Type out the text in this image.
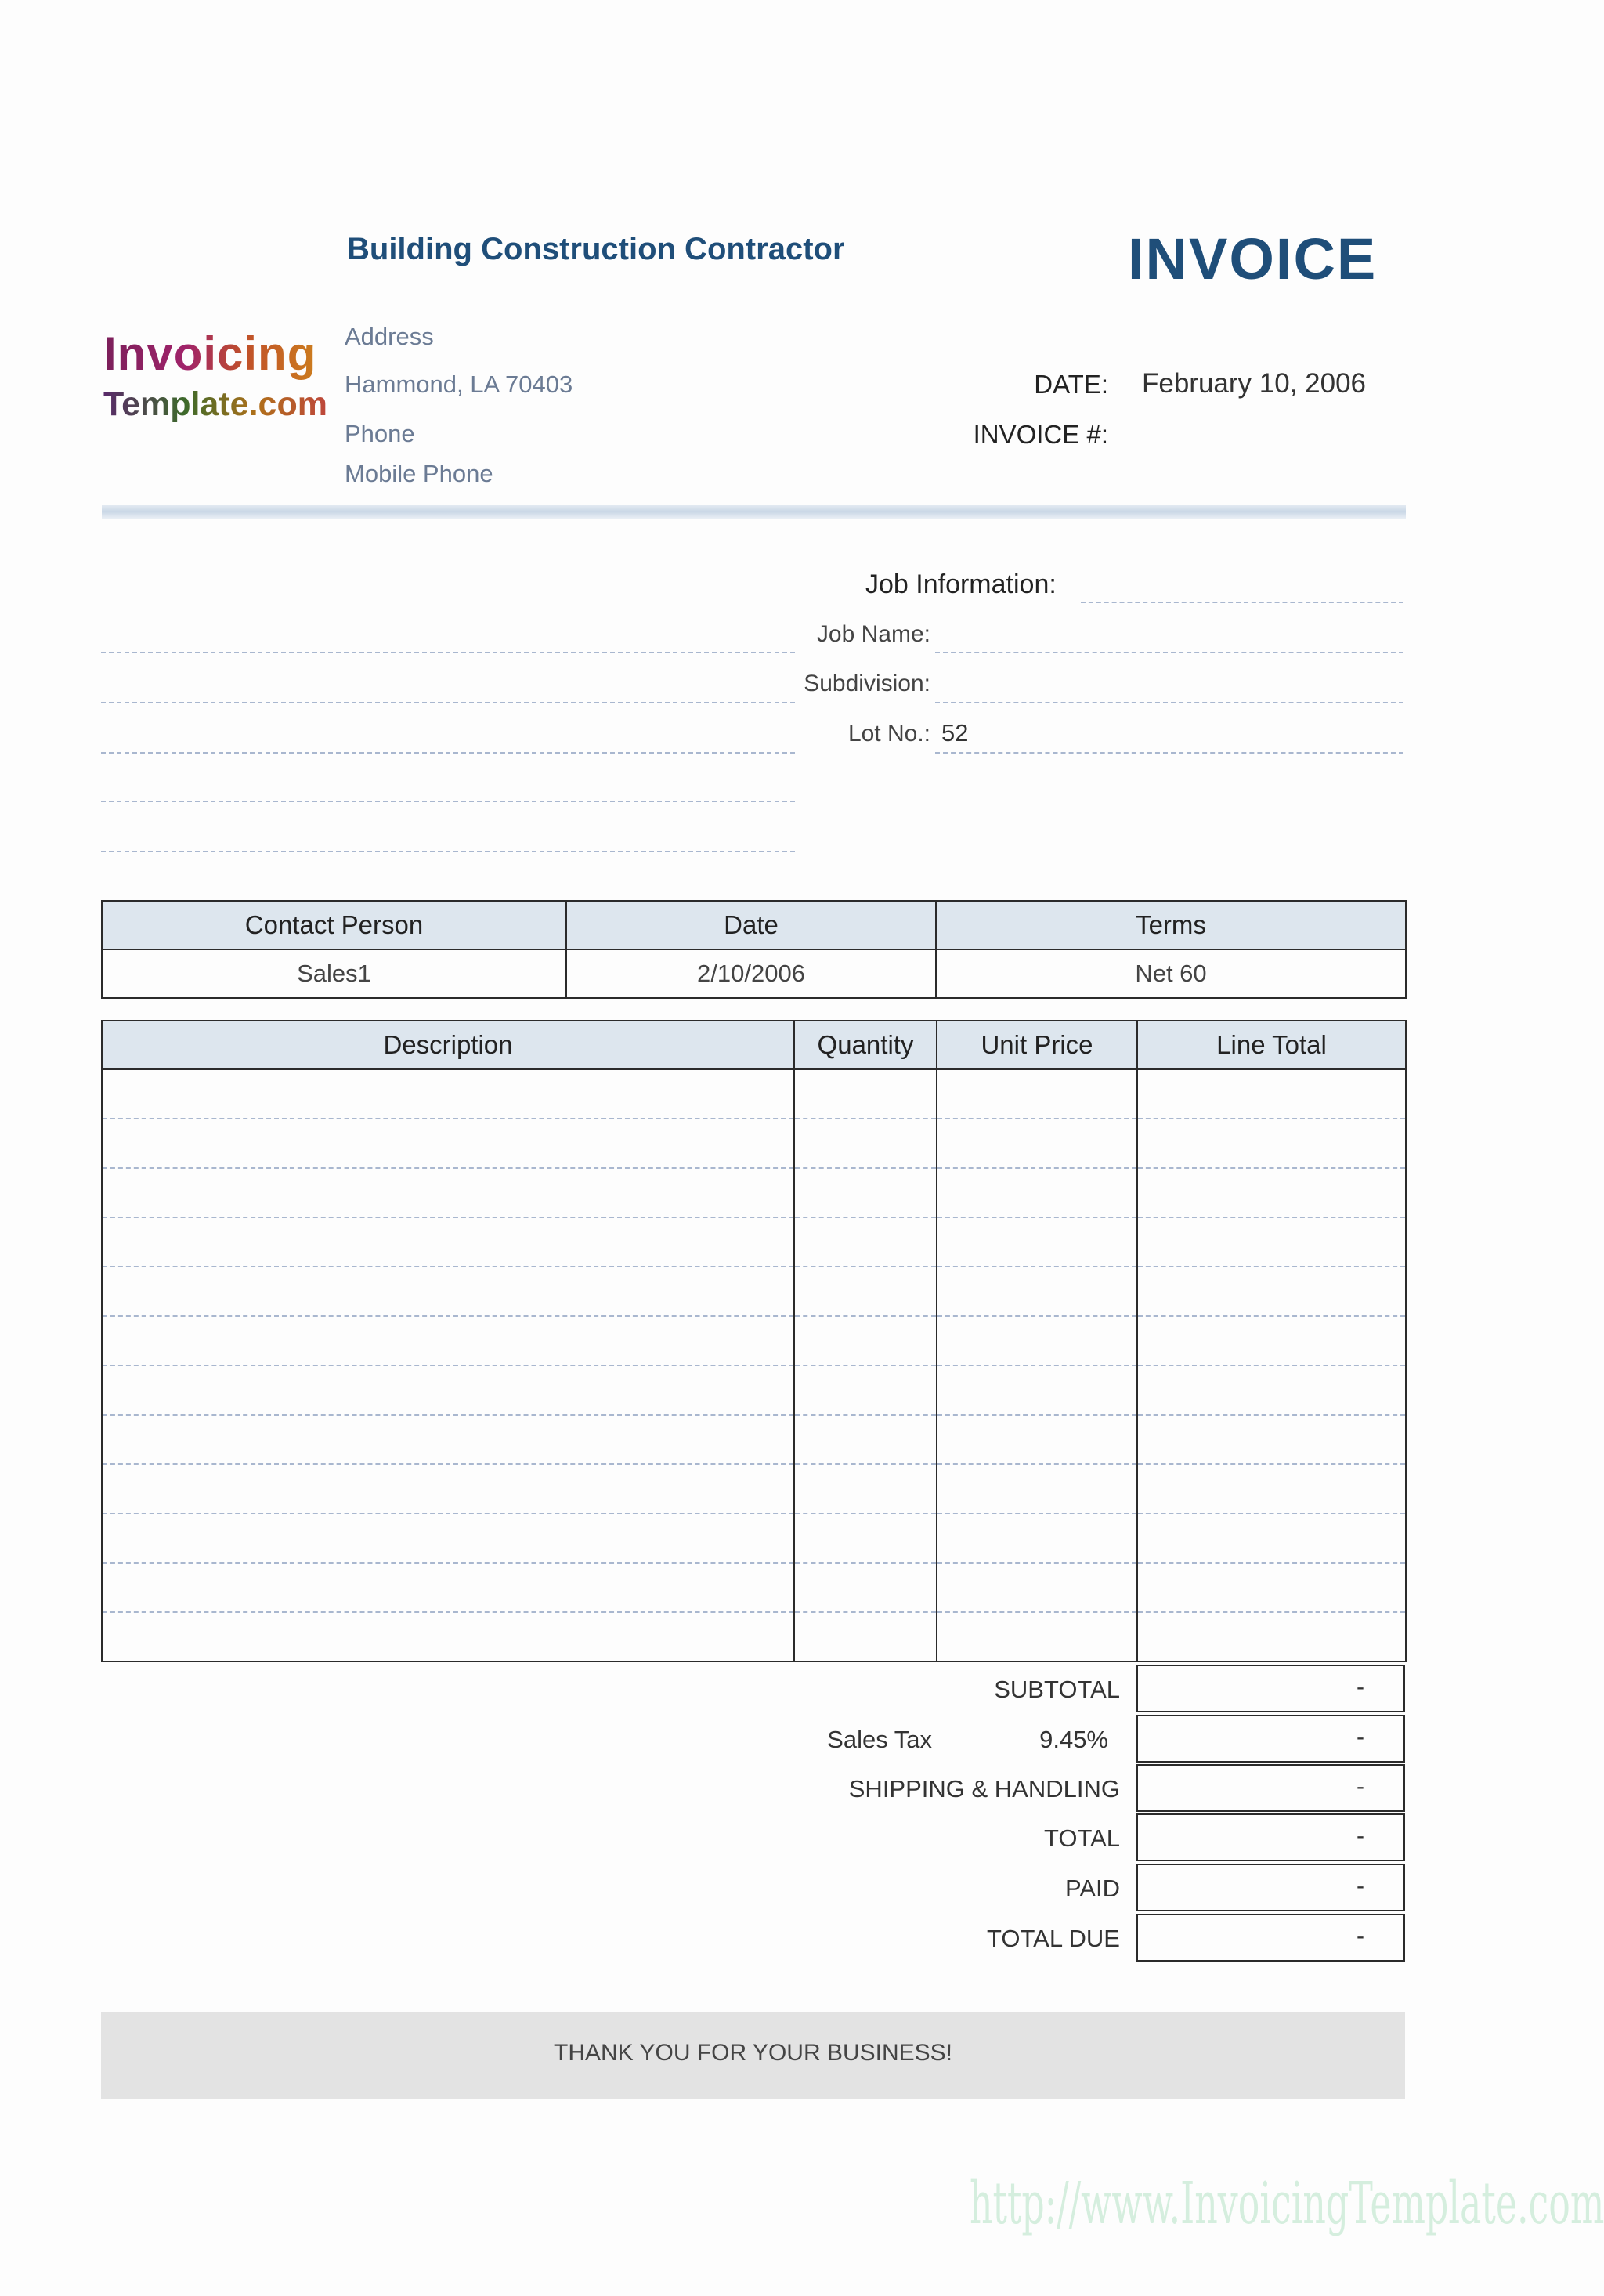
Building Construction Contractor	INVOICE
Invoicing
Template.com
Address
Hammond, LA 70403
Phone
Mobile Phone
DATE: February 10, 2006
INVOICE #:
Job Information:
Job Name:
Subdivision:
Lot No.: 52
Contact Person	Date	Terms
Sales1	2/10/2006	Net 60
Description	Quantity	Unit Price	Line Total

SUBTOTAL	-
Sales Tax	9.45%	-
SHIPPING & HANDLING	-
TOTAL	-
PAID	-
TOTAL DUE	-
THANK YOU FOR YOUR BUSINESS!
http://www.InvoicingTemplate.com
